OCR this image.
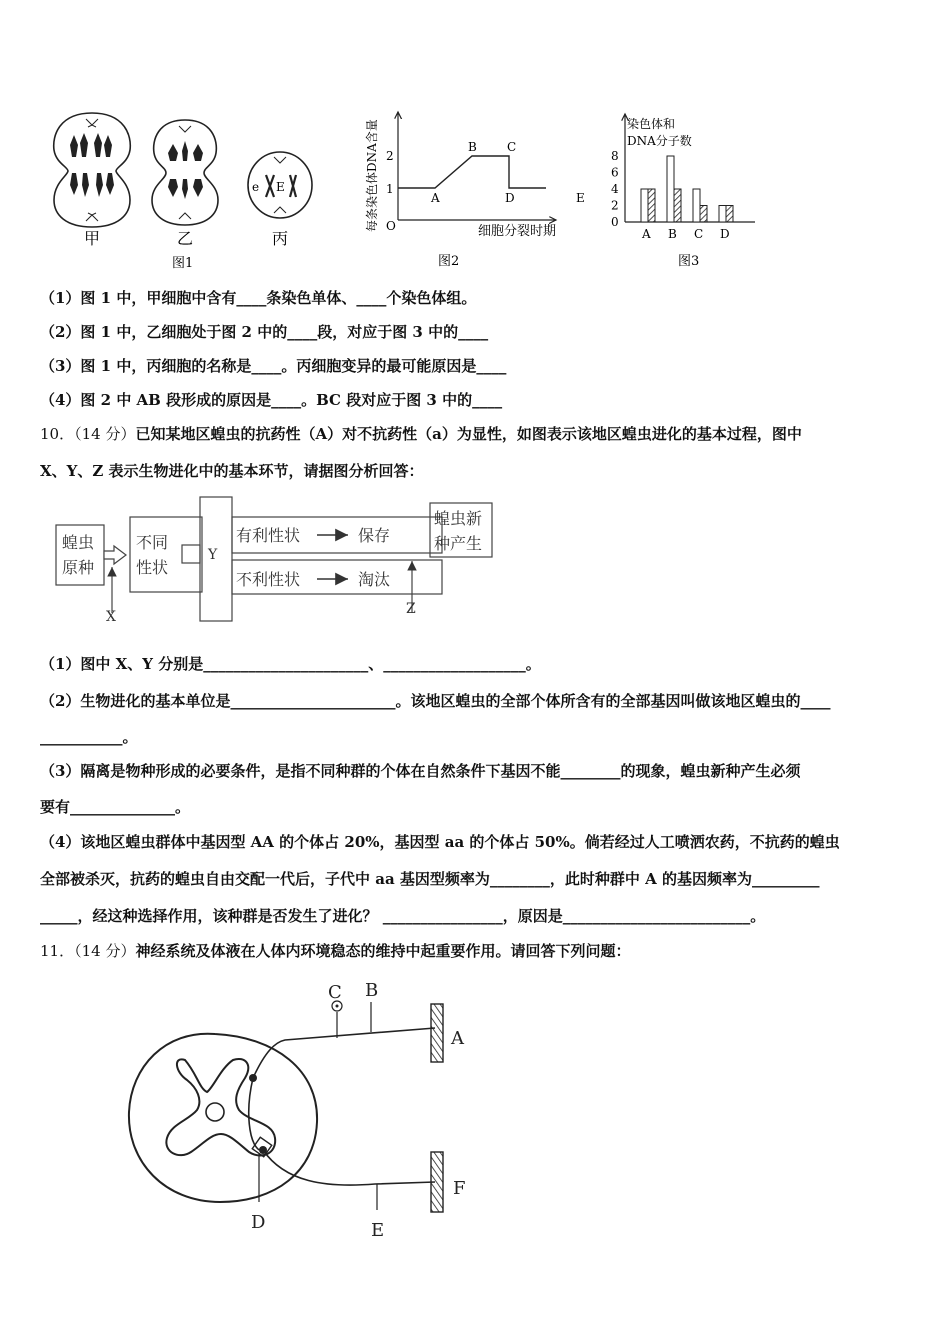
e E
甲	乙	丙
图1
每条染色体DNA含量 O
1
2
A
B	C
D	E
细胞分裂时期
图2
染色体和
DNA分子数
0
2
4
6
8
A B C D
图3
（1）图 1 中，甲细胞中含有____条染色单体、____个染色体组。
（2）图 1 中，乙细胞处于图 2 中的____段，对应于图 3 中的____
（3）图 1 中，丙细胞的名称是____。丙细胞变异的最可能原因是____
（4）图 2 中 AB 段形成的原因是____。BC 段对应于图 3 中的____
10．（14 分）已知某地区蝗虫的抗药性（A）对不抗药性（a）为显性，如图表示该地区蝗虫进化的基本过程，图中
X、Y、Z 表示生物进化中的基本环节，请据图分析回答：
蝗虫
原种
不同
性状
Y
有利性状	保存
不利性状	淘汰
蝗虫新
种产生
X	Z
（1）图中 X、Y 分别是______________________、___________________。
（2）生物进化的基本单位是______________________。该地区蝗虫的全部个体所含有的全部基因叫做该地区蝗虫的____
___________。
（3）隔离是物种形成的必要条件，是指不同种群的个体在自然条件下基因不能________的现象，蝗虫新种产生必须
要有______________。
（4）该地区蝗虫群体中基因型 AA 的个体占 20%，基因型 aa 的个体占 50%。倘若经过人工喷洒农药，不抗药的蝗虫
全部被杀灭，抗药的蝗虫自由交配一代后，子代中 aa 基因型频率为________，此时种群中 A 的基因频率为_________
_____，经这种选择作用，该种群是否发生了进化？ ________________，原因是_________________________。
11．（14 分）神经系统及体液在人体内环境稳态的维持中起重要作用。请回答下列问题：
C B
A
F
D	E
